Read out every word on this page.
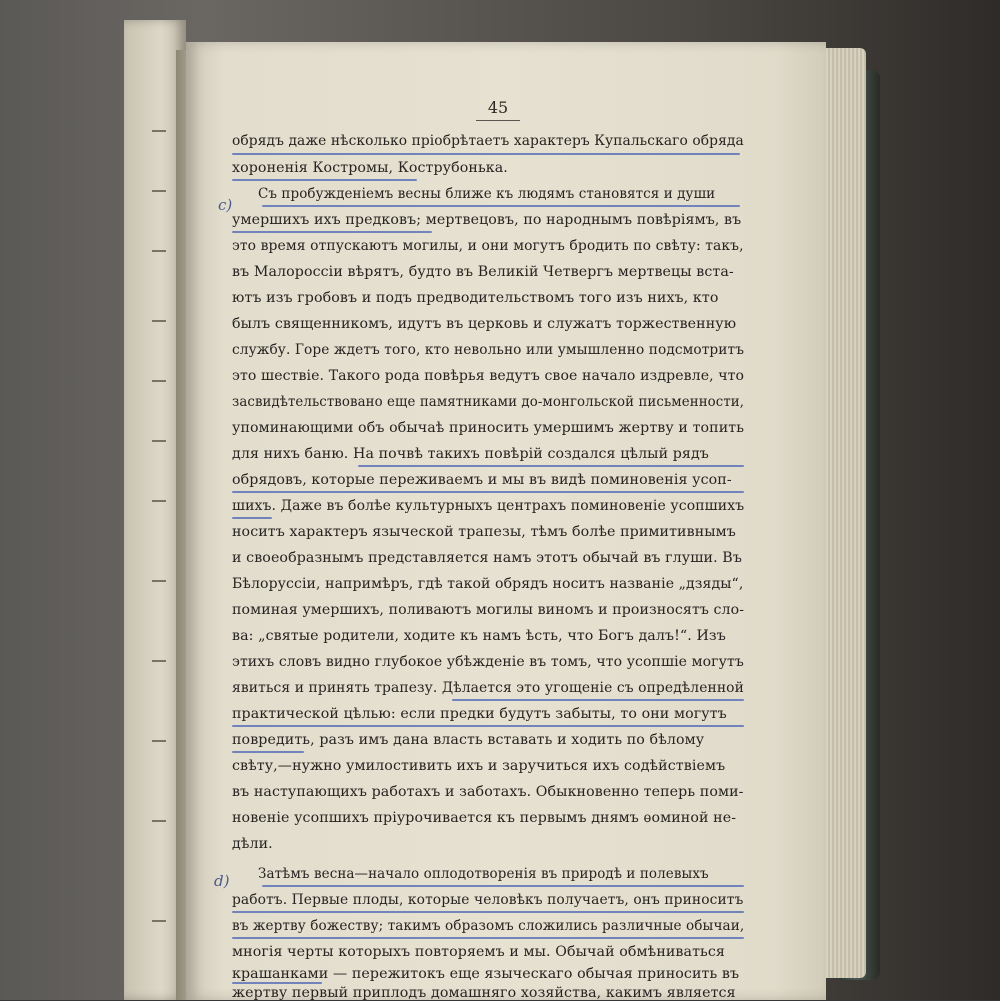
45
обрядъ даже нѣсколько пріобрѣтаетъ характеръ Купальскаго обряда
хороненія Костромы, Кострубонька.
Съ пробужденіемъ весны ближе къ людямъ становятся и души
умершихъ ихъ предковъ; мертвецовъ, по народнымъ повѣріямъ, въ
это время отпускаютъ могилы, и они могутъ бродить по свѣту: такъ,
въ Малороссіи вѣрятъ, будто въ Великій Четвергъ мертвецы вста-
ютъ изъ гробовъ и подъ предводительствомъ того изъ нихъ, кто
былъ священникомъ, идутъ въ церковь и служатъ торжественную
службу. Горе ждетъ того, кто невольно или умышленно подсмотритъ
это шествіе. Такого рода повѣрья ведутъ свое начало издревле, что
засвидѣтельствовано еще памятниками до-монгольской письменности,
упоминающими объ обычаѣ приносить умершимъ жертву и топить
для нихъ баню. На почвѣ такихъ повѣрій создался цѣлый рядъ
обрядовъ, которые переживаемъ и мы въ видѣ поминовенія усоп-
шихъ. Даже въ болѣе культурныхъ центрахъ поминовеніе усопшихъ
носитъ характеръ языческой трапезы, тѣмъ болѣе примитивнымъ
и своеобразнымъ представляется намъ этотъ обычай въ глуши. Въ
Бѣлоруссіи, напримѣръ, гдѣ такой обрядъ носитъ названіе „дзяды“,
поминая умершихъ, поливаютъ могилы виномъ и произносятъ сло-
ва: „святые родители, ходите къ намъ ѣсть, что Богъ далъ!“. Изъ
этихъ словъ видно глубокое убѣжденіе въ томъ, что усопшіе могутъ
явиться и принять трапезу. Дѣлается это угощеніе съ опредѣленной
практической цѣлью: если предки будутъ забыты, то они могутъ
повредить, разъ имъ дана власть вставать и ходить по бѣлому
свѣту,—нужно умилостивить ихъ и заручиться ихъ содѣйствіемъ
въ наступающихъ работахъ и заботахъ. Обыкновенно теперь поми-
новеніе усопшихъ пріурочивается къ первымъ днямъ ѳоминой не-
дѣли.
Затѣмъ весна—начало оплодотворенія въ природѣ и полевыхъ
работъ. Первые плоды, которые человѣкъ получаетъ, онъ приноситъ
въ жертву божеству; такимъ образомъ сложились различные обычаи,
многія черты которыхъ повторяемъ и мы. Обычай обмѣниваться
крашанками — пережитокъ еще языческаго обычая приносить въ
жертву первый приплодъ домашняго хозяйства, какимъ является
c)
d)
